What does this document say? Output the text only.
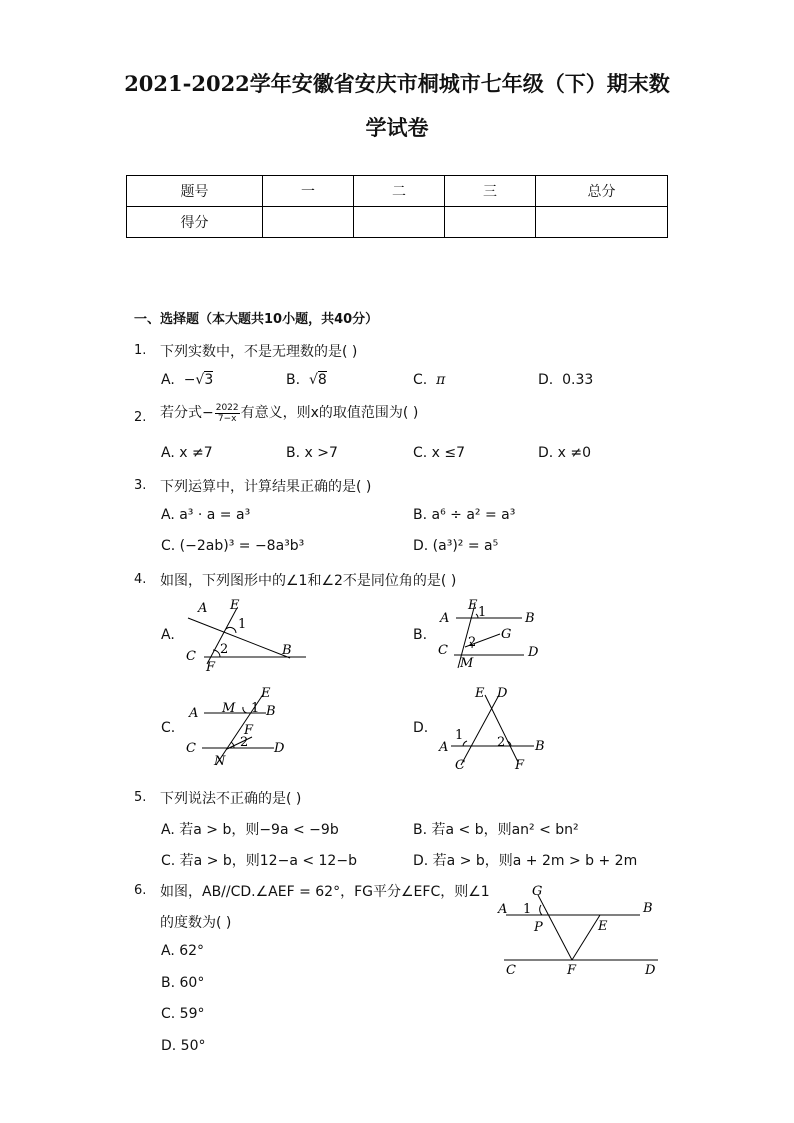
2021-2022学年安徽省安庆市桐城市七年级（下）期末数
学试卷
题号	一	二	三	总分
得分				
一、选择题（本大题共10小题，共40分）
1. 下列实数中，不是无理数的是( )
A. −√3	B. √8	C. π	D. 0.33
2. 若分式− $\frac{2022}{7-x}$ 有意义，则x的取值范围为( )
A. x ≠7	B. x >7	C. x ≤7	D. x ≠0
3. 下列运算中，计算结果正确的是( )
A. a³ · a = a³	B. a⁶ ÷ a² = a³
C. (−2ab)³ = −8a³b³	D. (a³)² = a⁵
4. 如图，下列图形中的∠1和∠2不是同位角的是( )
A.
A E
1
2	B
C
F
B.
E 1
A	B
G
2
C	D
M
C.
E
M 1
A	B
F
2
C	D
N
D.
E D
1	2
A	B
C	F
5. 下列说法不正确的是( )
A. 若a > b，则−9a < −9b	B. 若a < b，则an² < bn²
C. 若a > b，则12−a < 12−b	D. 若a > b，则a + 2m > b + 2m
6. 如图，AB//CD.∠AEF = 62°，FG平分∠EFC，则∠1
的度数为( )
A. 62°
B. 60°
C. 59°
D. 50°
G
A 1	B
P	E
C	F	D
